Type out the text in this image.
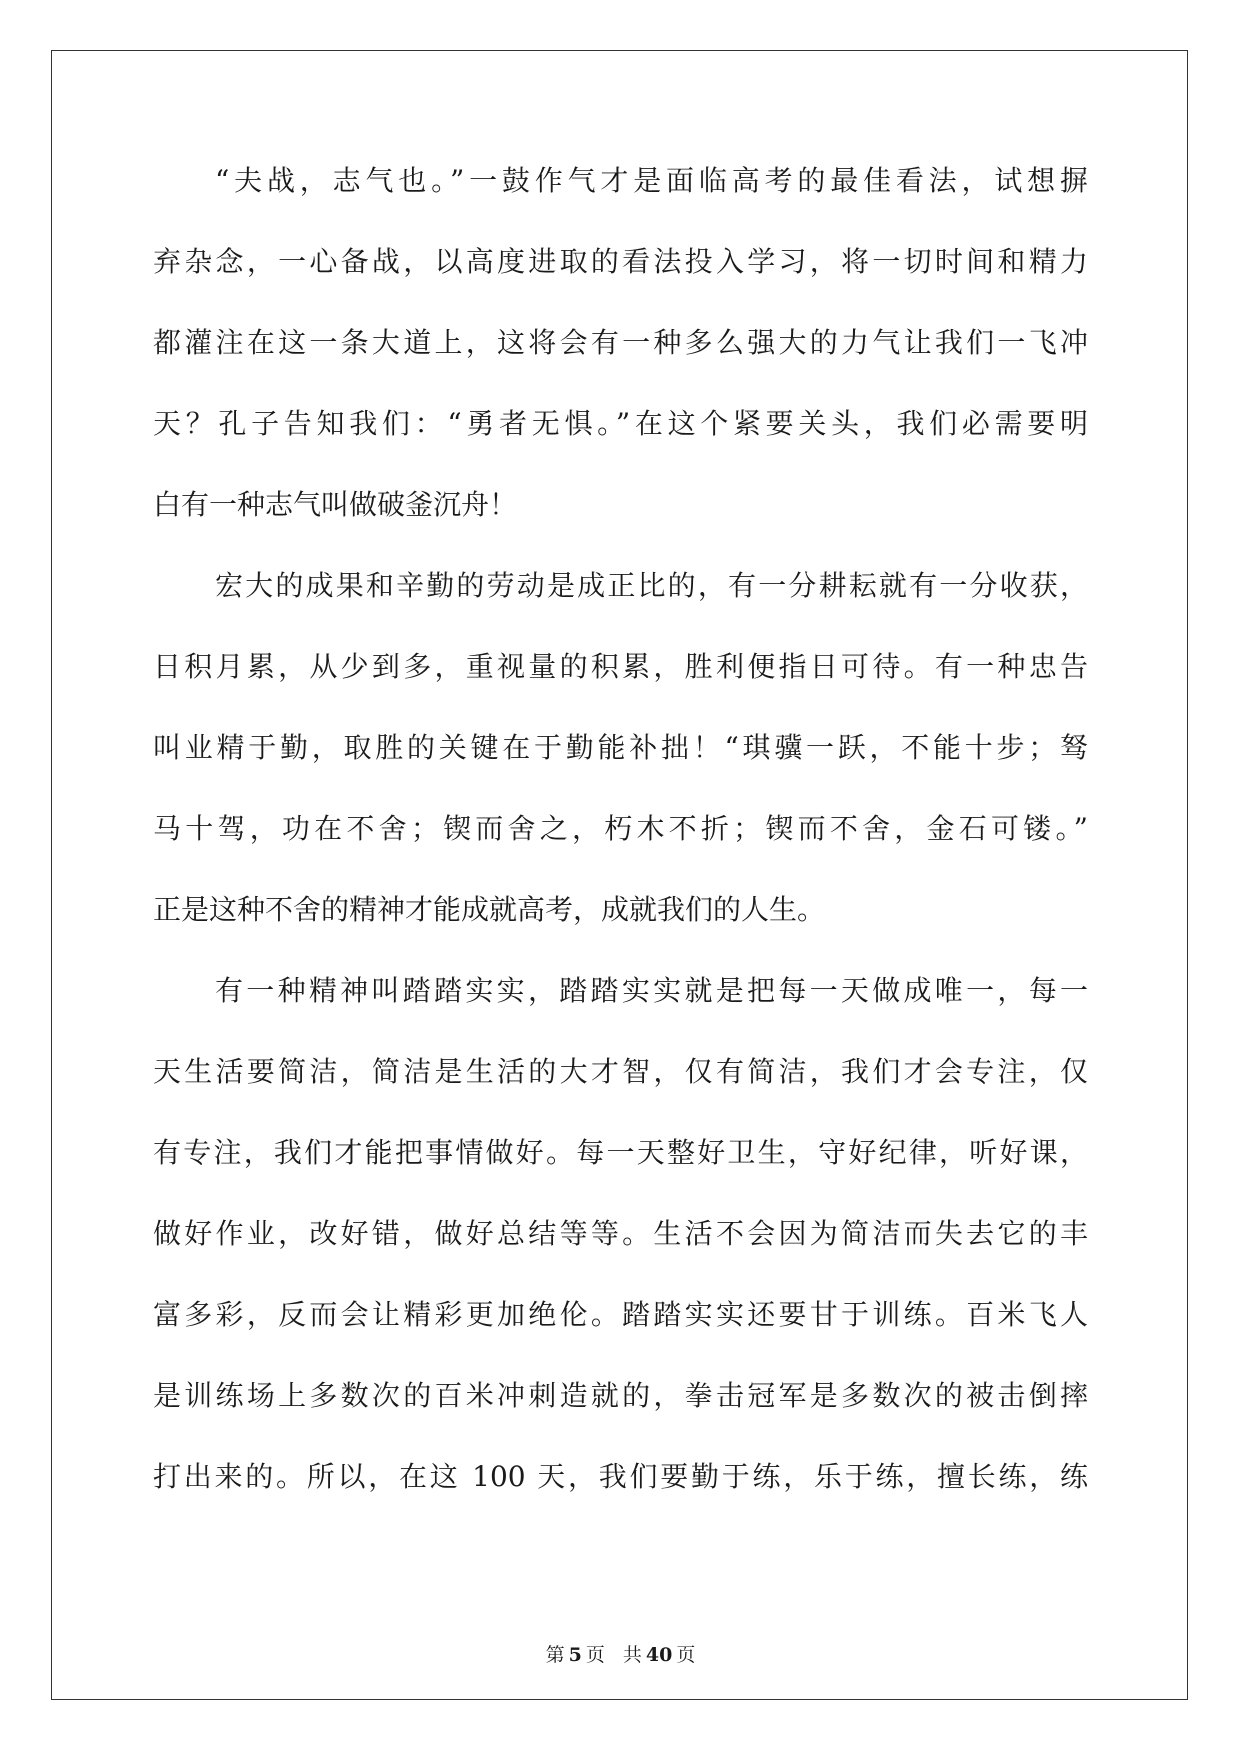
“夫战，志气也。”一鼓作气才是面临高考的最佳看法，试想摒

弃杂念，一心备战，以高度进取的看法投入学习，将一切时间和精力

都灌注在这一条大道上，这将会有一种多么强大的力气让我们一飞冲

天？孔子告知我们：“勇者无惧。”在这个紧要关头，我们必需要明

白有一种志气叫做破釜沉舟！

宏大的成果和辛勤的劳动是成正比的，有一分耕耘就有一分收获，

日积月累，从少到多，重视量的积累，胜利便指日可待。有一种忠告

叫业精于勤，取胜的关键在于勤能补拙！“琪骥一跃，不能十步；驽

马十驾，功在不舍；锲而舍之，朽木不折；锲而不舍，金石可镂。”

正是这种不舍的精神才能成就高考，成就我们的人生。

有一种精神叫踏踏实实，踏踏实实就是把每一天做成唯一，每一

天生活要简洁，简洁是生活的大才智，仅有简洁，我们才会专注，仅

有专注，我们才能把事情做好。每一天整好卫生，守好纪律，听好课，

做好作业，改好错，做好总结等等。生活不会因为简洁而失去它的丰

富多彩，反而会让精彩更加绝伦。踏踏实实还要甘于训练。百米飞人

是训练场上多数次的百米冲刺造就的，拳击冠军是多数次的被击倒摔

打出来的。所以，在这 100 天，我们要勤于练，乐于练，擅长练，练

第 5 页 共 40 页
